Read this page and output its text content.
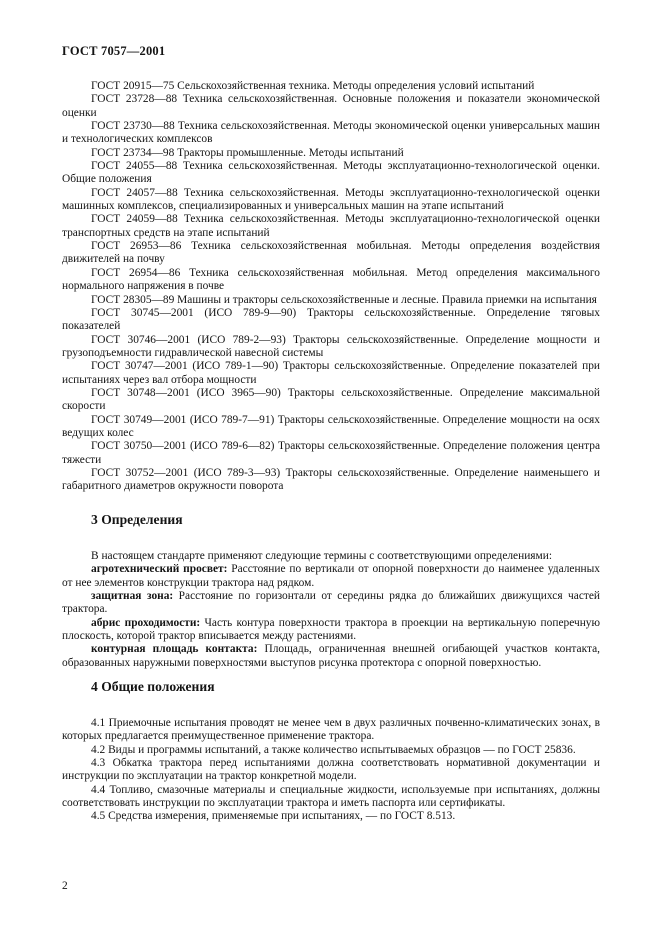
ГОСТ 7057—2001

ГОСТ 20915—75 Сельскохозяйственная техника. Методы определения условий испытаний

ГОСТ 23728—88 Техника сельскохозяйственная. Основные положения и показатели экономической оценки

ГОСТ 23730—88 Техника сельскохозяйственная. Методы экономической оценки универсальных машин и технологических комплексов

ГОСТ 23734—98 Тракторы промышленные. Методы испытаний

ГОСТ 24055—88 Техника сельскохозяйственная. Методы эксплуатационно-технологической оценки. Общие положения

ГОСТ 24057—88 Техника сельскохозяйственная. Методы эксплуатационно-технологической оценки машинных комплексов, специализированных и универсальных машин на этапе испытаний

ГОСТ 24059—88 Техника сельскохозяйственная. Методы эксплуатационно-технологической оценки транспортных средств на этапе испытаний

ГОСТ 26953—86 Техника сельскохозяйственная мобильная. Методы определения воздействия движителей на почву

ГОСТ 26954—86 Техника сельскохозяйственная мобильная. Метод определения максимального нормального напряжения в почве

ГОСТ 28305—89 Машины и тракторы сельскохозяйственные и лесные. Правила приемки на испытания

ГОСТ 30745—2001 (ИСО 789-9—90) Тракторы сельскохозяйственные. Определение тяговых показателей

ГОСТ 30746—2001 (ИСО 789-2—93) Тракторы сельскохозяйственные. Определение мощности и грузоподъемности гидравлической навесной системы

ГОСТ 30747—2001 (ИСО 789-1—90) Тракторы сельскохозяйственные. Определение показателей при испытаниях через вал отбора мощности

ГОСТ 30748—2001 (ИСО 3965—90) Тракторы сельскохозяйственные. Определение максимальной скорости

ГОСТ 30749—2001 (ИСО 789-7—91) Тракторы сельскохозяйственные. Определение мощности на осях ведущих колес

ГОСТ 30750—2001 (ИСО 789-6—82) Тракторы сельскохозяйственные. Определение положения центра тяжести

ГОСТ 30752—2001 (ИСО 789-3—93) Тракторы сельскохозяйственные. Определение наименьшего и габаритного диаметров окружности поворота

3 Определения

В настоящем стандарте применяют следующие термины с соответствующими определениями:

агротехнический просвет: Расстояние по вертикали от опорной поверхности до наименее удаленных от нее элементов конструкции трактора над рядком.

защитная зона: Расстояние по горизонтали от середины рядка до ближайших движущихся частей трактора.

абрис проходимости: Часть контура поверхности трактора в проекции на вертикальную поперечную плоскость, которой трактор вписывается между растениями.

контурная площадь контакта: Площадь, ограниченная внешней огибающей участков контакта, образованных наружными поверхностями выступов рисунка протектора с опорной поверхностью.

4 Общие положения

4.1 Приемочные испытания проводят не менее чем в двух различных почвенно-климатических зонах, в которых предлагается преимущественное применение трактора.

4.2 Виды и программы испытаний, а также количество испытываемых образцов — по ГОСТ 25836.

4.3 Обкатка трактора перед испытаниями должна соответствовать нормативной документации и инструкции по эксплуатации на трактор конкретной модели.

4.4 Топливо, смазочные материалы и специальные жидкости, используемые при испытаниях, должны соответствовать инструкции по эксплуатации трактора и иметь паспорта или сертификаты.

4.5 Средства измерения, применяемые при испытаниях, — по ГОСТ 8.513.

2
